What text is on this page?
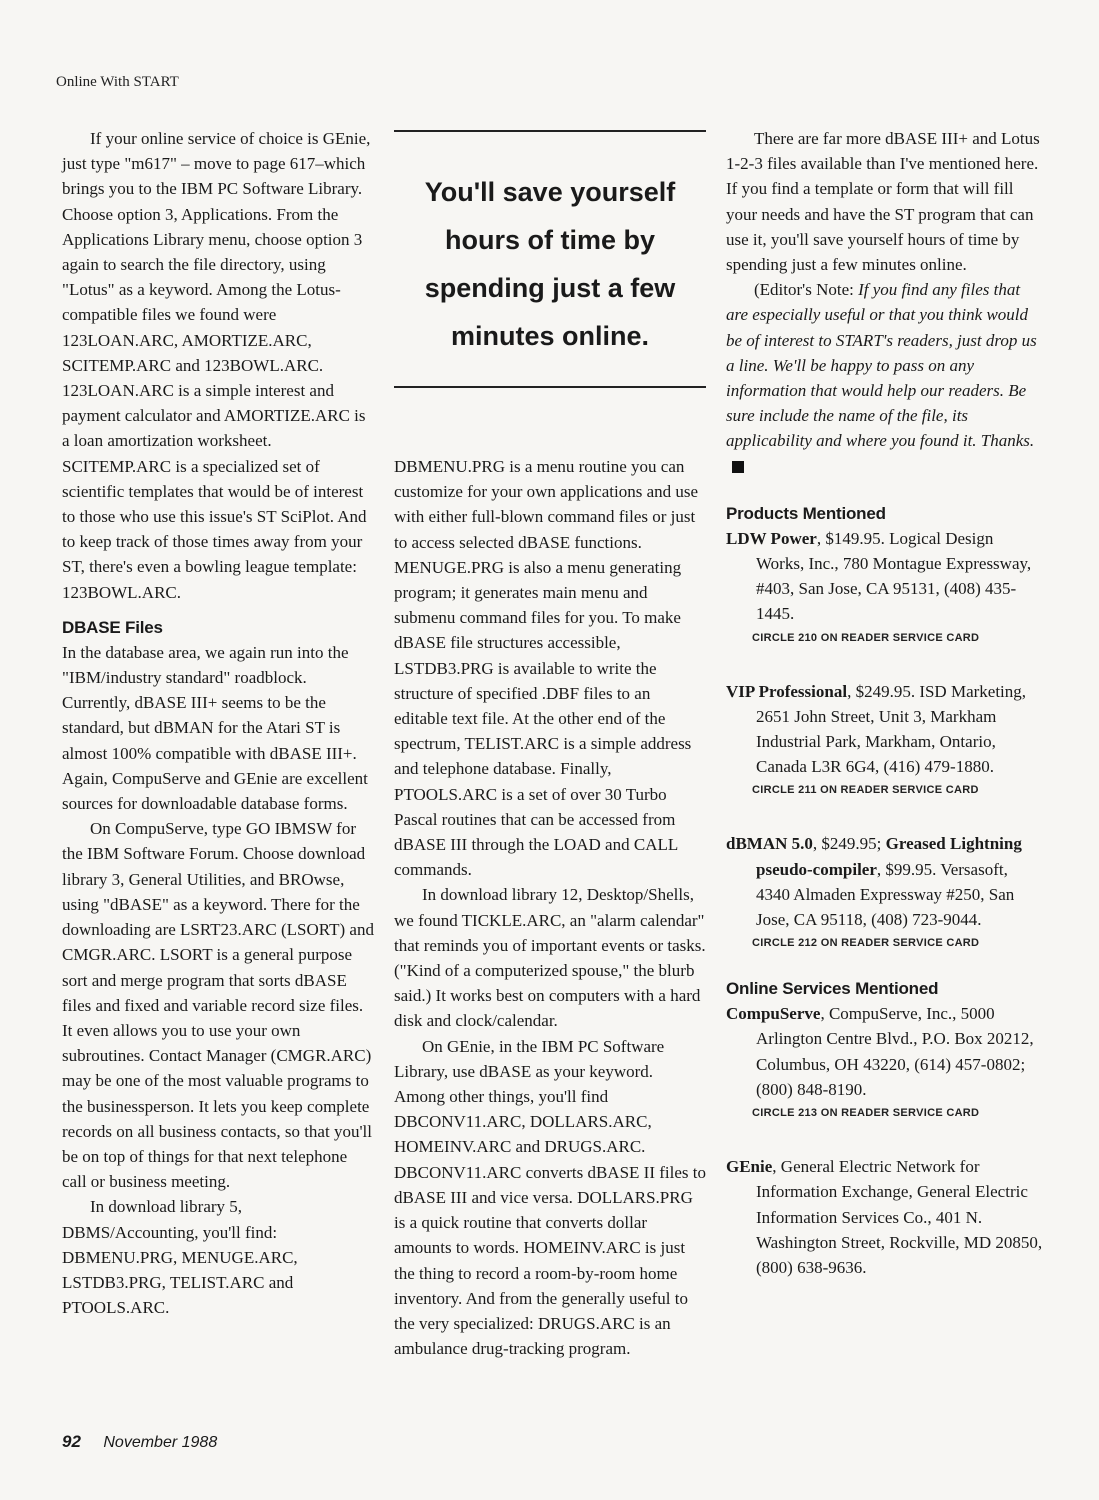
Online With START

If your online service of choice is GEnie, just type "m617" – move to page 617–which brings you to the IBM PC Software Library. Choose option 3, Applications. From the Applications Library menu, choose option 3 again to search the file directory, using "Lotus" as a keyword. Among the Lotus-compatible files we found were 123LOAN.ARC, AMORTIZE.ARC, SCITEMP.ARC and 123BOWL.ARC. 123LOAN.ARC is a simple interest and payment calculator and AMORTIZE.ARC is a loan amortization worksheet. SCITEMP.ARC is a specialized set of scientific templates that would be of interest to those who use this issue's ST SciPlot. And to keep track of those times away from your ST, there's even a bowling league template: 123BOWL.ARC.

DBASE Files

In the database area, we again run into the "IBM/industry standard" roadblock. Currently, dBASE III+ seems to be the standard, but dBMAN for the Atari ST is almost 100% compatible with dBASE III+. Again, CompuServe and GEnie are excellent sources for downloadable database forms.

On CompuServe, type GO IBMSW for the IBM Software Forum. Choose download library 3, General Utilities, and BROwse, using "dBASE" as a keyword. There for the downloading are LSRT23.ARC (LSORT) and CMGR.ARC. LSORT is a general purpose sort and merge program that sorts dBASE files and fixed and variable record size files. It even allows you to use your own subroutines. Contact Manager (CMGR.ARC) may be one of the most valuable programs to the businessperson. It lets you keep complete records on all business contacts, so that you'll be on top of things for that next telephone call or business meeting.

In download library 5, DBMS/Accounting, you'll find: DBMENU.PRG, MENUGE.ARC, LSTDB3.PRG, TELIST.ARC and PTOOLS.ARC.

You'll save yourself hours of time by spending just a few minutes online.

DBMENU.PRG is a menu routine you can customize for your own applications and use with either full-blown command files or just to access selected dBASE functions. MENUGE.PRG is also a menu generating program; it generates main menu and submenu command files for you. To make dBASE file structures accessible, LSTDB3.PRG is available to write the structure of specified .DBF files to an editable text file. At the other end of the spectrum, TELIST.ARC is a simple address and telephone database. Finally, PTOOLS.ARC is a set of over 30 Turbo Pascal routines that can be accessed from dBASE III through the LOAD and CALL commands.

In download library 12, Desktop/Shells, we found TICKLE.ARC, an "alarm calendar" that reminds you of important events or tasks. ("Kind of a computerized spouse," the blurb said.) It works best on computers with a hard disk and clock/calendar.

On GEnie, in the IBM PC Software Library, use dBASE as your keyword. Among other things, you'll find DBCONV11.ARC, DOLLARS.ARC, HOMEINV.ARC and DRUGS.ARC. DBCONV11.ARC converts dBASE II files to dBASE III and vice versa. DOLLARS.PRG is a quick routine that converts dollar amounts to words. HOMEINV.ARC is just the thing to record a room-by-room home inventory. And from the generally useful to the very specialized: DRUGS.ARC is an ambulance drug-tracking program.

There are far more dBASE III+ and Lotus 1-2-3 files available than I've mentioned here. If you find a template or form that will fill your needs and have the ST program that can use it, you'll save yourself hours of time by spending just a few minutes online.

(Editor's Note: If you find any files that are especially useful or that you think would be of interest to START's readers, just drop us a line. We'll be happy to pass on any information that would help our readers. Be sure include the name of the file, its applicability and where you found it. Thanks.

Products Mentioned

LDW Power, $149.95. Logical Design Works, Inc., 780 Montague Expressway, #403, San Jose, CA 95131, (408) 435-1445.

CIRCLE 210 ON READER SERVICE CARD

VIP Professional, $249.95. ISD Marketing, 2651 John Street, Unit 3, Markham Industrial Park, Markham, Ontario, Canada L3R 6G4, (416) 479-1880.

CIRCLE 211 ON READER SERVICE CARD

dBMAN 5.0, $249.95; Greased Lightning pseudo-compiler, $99.95. Versasoft, 4340 Almaden Expressway #250, San Jose, CA 95118, (408) 723-9044.

CIRCLE 212 ON READER SERVICE CARD
Online Services Mentioned

CompuServe, CompuServe, Inc., 5000 Arlington Centre Blvd., P.O. Box 20212, Columbus, OH 43220, (614) 457-0802; (800) 848-8190.

CIRCLE 213 ON READER SERVICE CARD

GEnie, General Electric Network for Information Exchange, General Electric Information Services Co., 401 N. Washington Street, Rockville, MD 20850, (800) 638-9636.

92 November 1988
